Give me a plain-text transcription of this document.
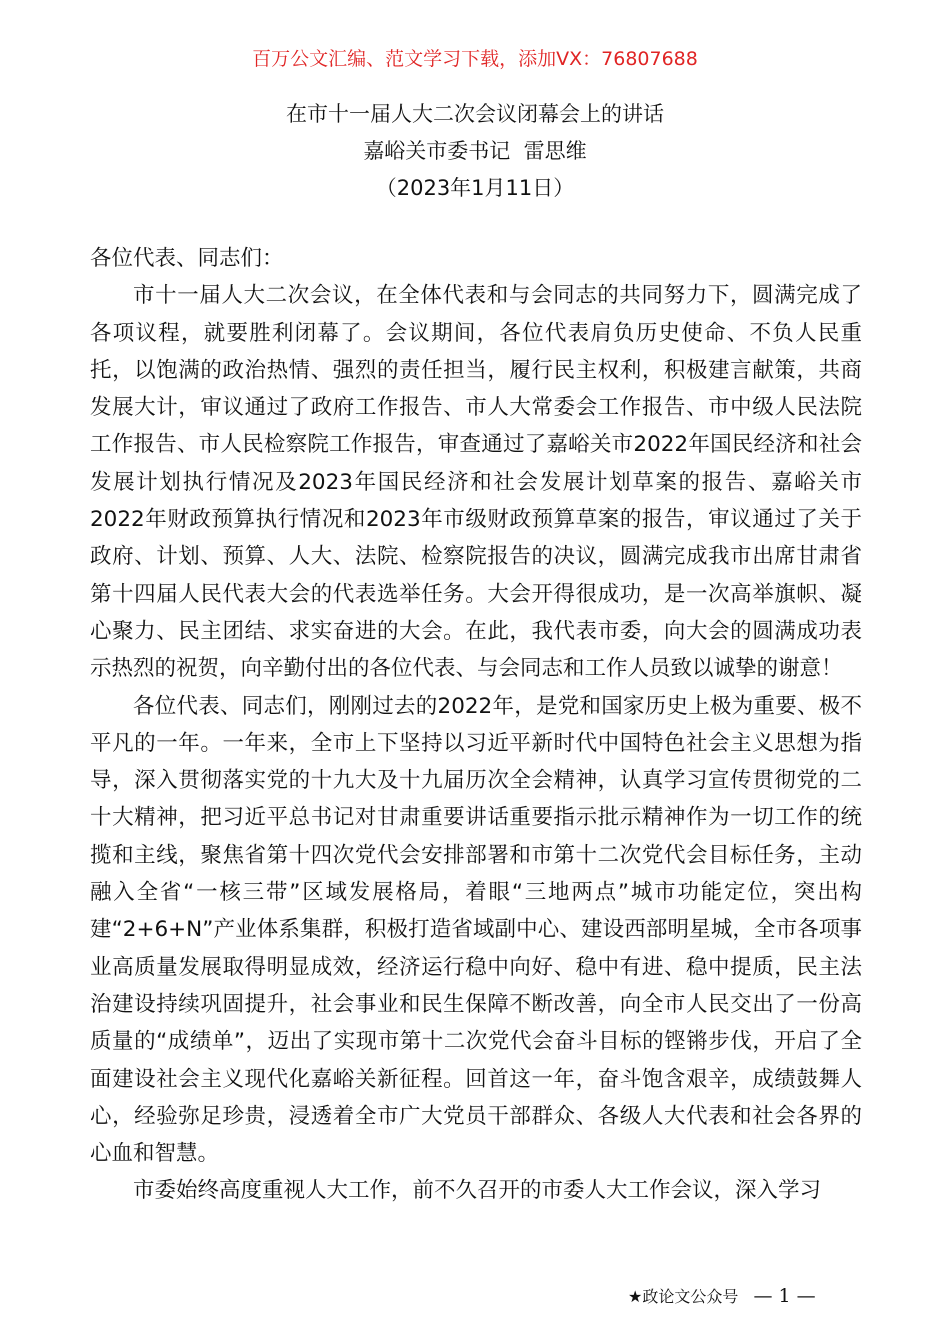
百万公文汇编、范文学习下载，添加VX：76807688
在市十一届人大二次会议闭幕会上的讲话
嘉峪关市委书记  雷思维
（2023年1月11日）

各位代表、同志们：

市十一届人大二次会议，在全体代表和与会同志的共同努力下，圆满完成了各项议程，就要胜利闭幕了。会议期间，各位代表肩负历史使命、不负人民重托，以饱满的政治热情、强烈的责任担当，履行民主权利，积极建言献策，共商发展大计，审议通过了政府工作报告、市人大常委会工作报告、市中级人民法院工作报告、市人民检察院工作报告，审查通过了嘉峪关市2022年国民经济和社会发展计划执行情况及2023年国民经济和社会发展计划草案的报告、嘉峪关市2022年财政预算执行情况和2023年市级财政预算草案的报告，审议通过了关于政府、计划、预算、人大、法院、检察院报告的决议，圆满完成我市出席甘肃省第十四届人民代表大会的代表选举任务。大会开得很成功，是一次高举旗帜、凝心聚力、民主团结、求实奋进的大会。在此，我代表市委，向大会的圆满成功表示热烈的祝贺，向辛勤付出的各位代表、与会同志和工作人员致以诚挚的谢意！

各位代表、同志们，刚刚过去的2022年，是党和国家历史上极为重要、极不平凡的一年。一年来，全市上下坚持以习近平新时代中国特色社会主义思想为指导，深入贯彻落实党的十九大及十九届历次全会精神，认真学习宣传贯彻党的二十大精神，把习近平总书记对甘肃重要讲话重要指示批示精神作为一切工作的统揽和主线，聚焦省第十四次党代会安排部署和市第十二次党代会目标任务，主动融入全省“一核三带”区域发展格局，着眼“三地两点”城市功能定位，突出构建“2+6+N”产业体系集群，积极打造省域副中心、建设西部明星城，全市各项事业高质量发展取得明显成效，经济运行稳中向好、稳中有进、稳中提质，民主法治建设持续巩固提升，社会事业和民生保障不断改善，向全市人民交出了一份高质量的“成绩单”，迈出了实现市第十二次党代会奋斗目标的铿锵步伐，开启了全面建设社会主义现代化嘉峪关新征程。回首这一年，奋斗饱含艰辛，成绩鼓舞人心，经验弥足珍贵，浸透着全市广大党员干部群众、各级人大代表和社会各界的心血和智慧。

市委始终高度重视人大工作，前不久召开的市委人大工作会议，深入学习

★政论文公众号 — 1 —
